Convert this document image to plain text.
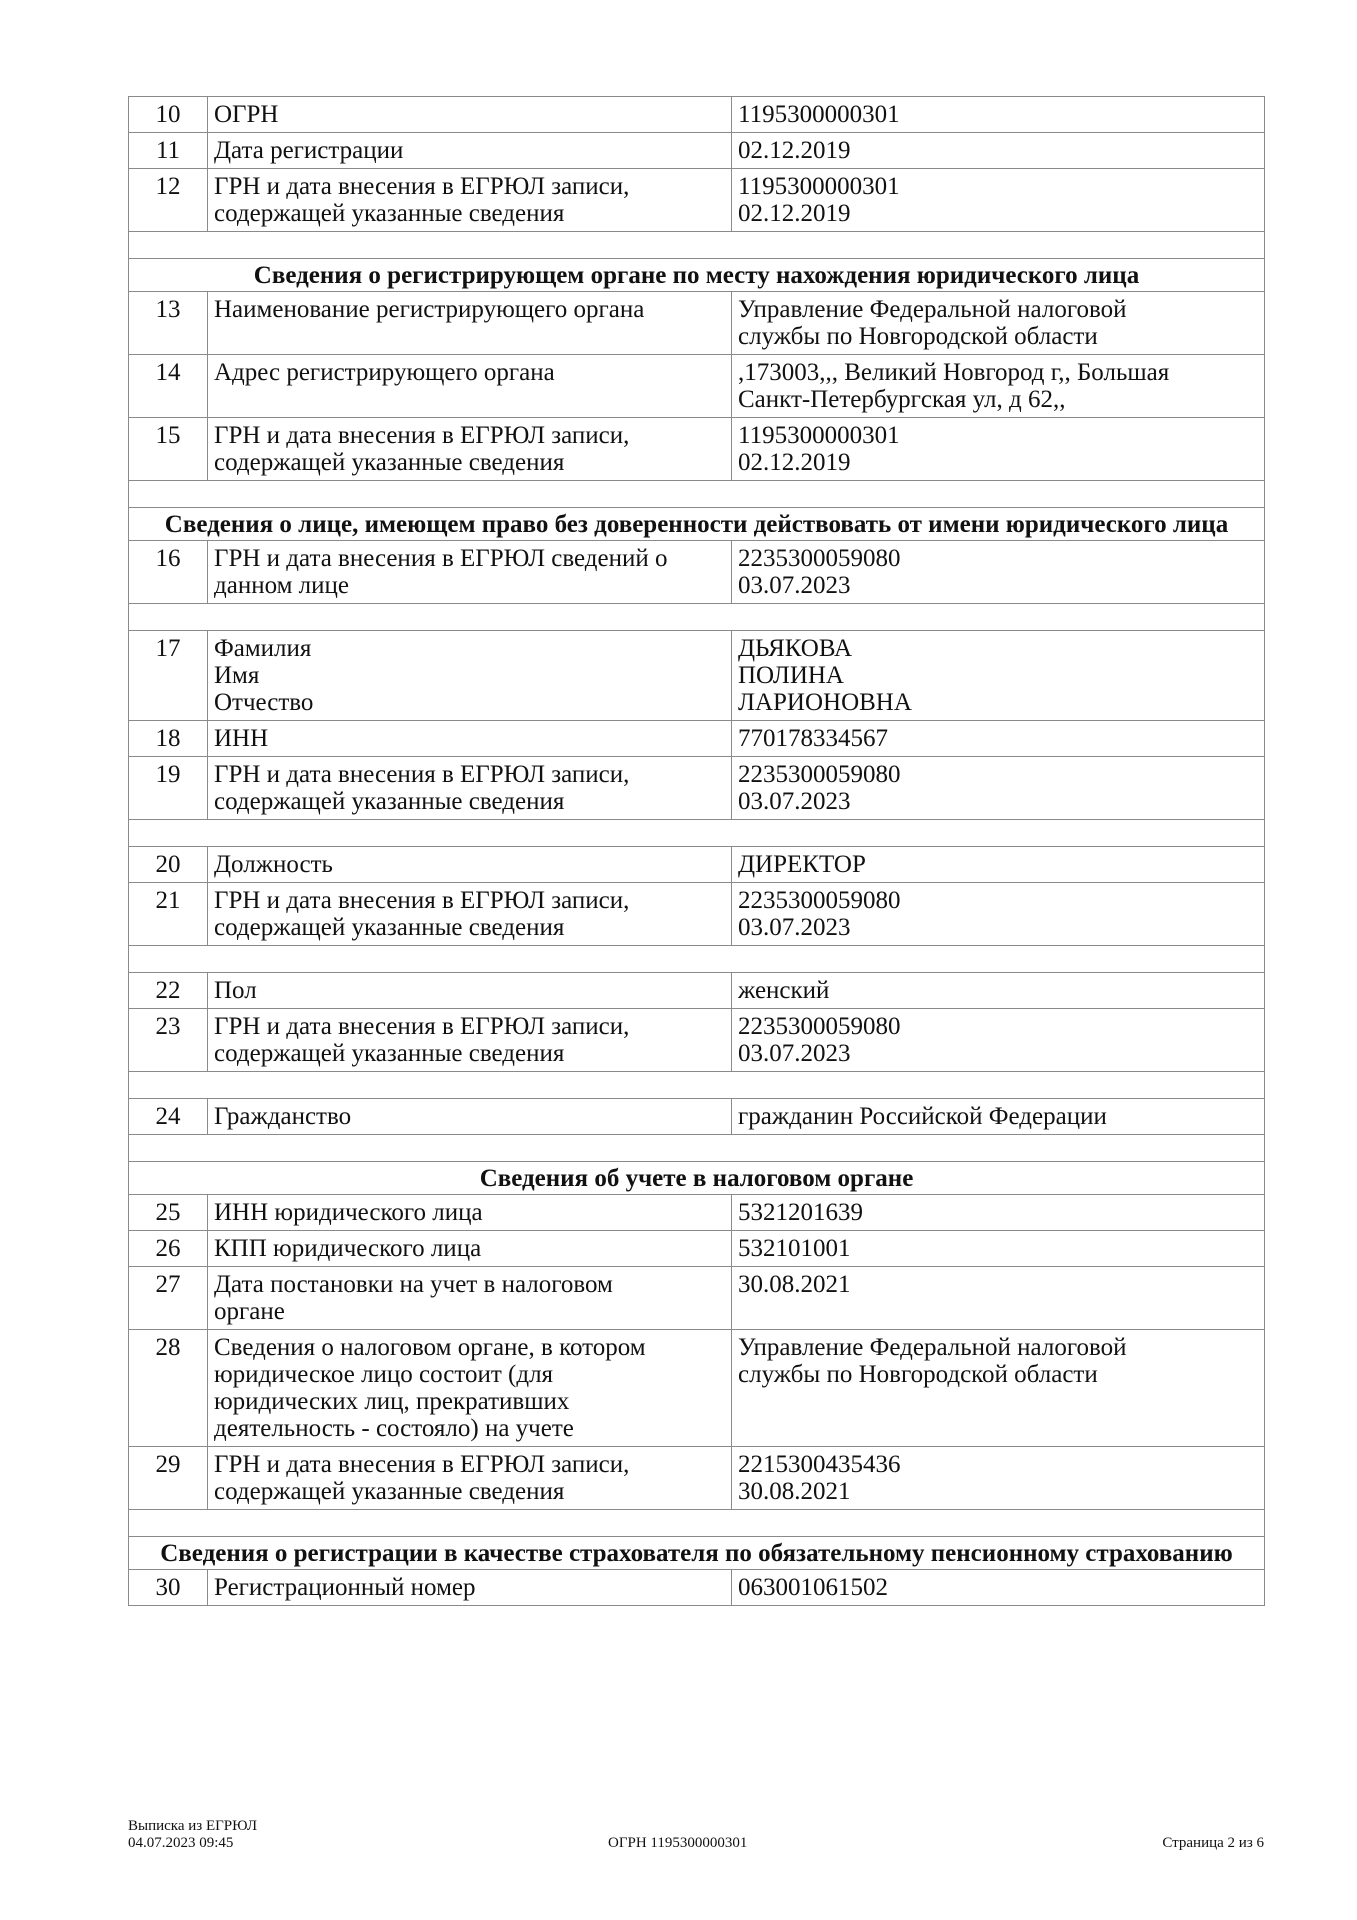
10	ОГРН	1195300000301

11	Дата регистрации	02.12.2019

12	ГРН и дата внесения в ЕГРЮЛ записи,
содержащей указанные сведения	1195300000301
02.12.2019

Сведения о регистрирующем органе по месту нахождения юридического лица		
13	Наименование регистрирующего органа	Управление Федеральной налоговой
службы по Новгородской области

14	Адрес регистрирующего органа	,173003,,, Великий Новгород г,, Большая
Санкт-Петербургская ул, д 62,,

15	ГРН и дата внесения в ЕГРЮЛ записи,
содержащей указанные сведения	1195300000301
02.12.2019

Сведения о лице, имеющем право без доверенности действовать от имени юридического лица		
16	ГРН и дата внесения в ЕГРЮЛ сведений о
данном лице	2235300059080
03.07.2023

17	Фамилия
Имя
Отчество	ДЬЯКОВА
ПОЛИНА
ЛАРИОНОВНА

18	ИНН	770178334567

19	ГРН и дата внесения в ЕГРЮЛ записи,
содержащей указанные сведения	2235300059080
03.07.2023

20	Должность	ДИРЕКТОР

21	ГРН и дата внесения в ЕГРЮЛ записи,
содержащей указанные сведения	2235300059080
03.07.2023

22	Пол	женский

23	ГРН и дата внесения в ЕГРЮЛ записи,
содержащей указанные сведения	2235300059080
03.07.2023

24	Гражданство	гражданин Российской Федерации

Сведения об учете в налоговом органе		
25	ИНН юридического лица	5321201639

26	КПП юридического лица	532101001

27	Дата постановки на учет в налоговом
органе	30.08.2021

28	Сведения о налоговом органе, в котором
юридическое лицо состоит (для
юридических лиц, прекративших
деятельность - состояло) на учете	Управление Федеральной налоговой
службы по Новгородской области

29	ГРН и дата внесения в ЕГРЮЛ записи,
содержащей указанные сведения	2215300435436
30.08.2021

Сведения о регистрации в качестве страхователя по обязательному пенсионному страхованию		
30	Регистрационный номер	063001061502
Выписка из ЕГРЮЛ
04.07.2023 09:45	ОГРН 1195300000301	Страница 2 из 6
